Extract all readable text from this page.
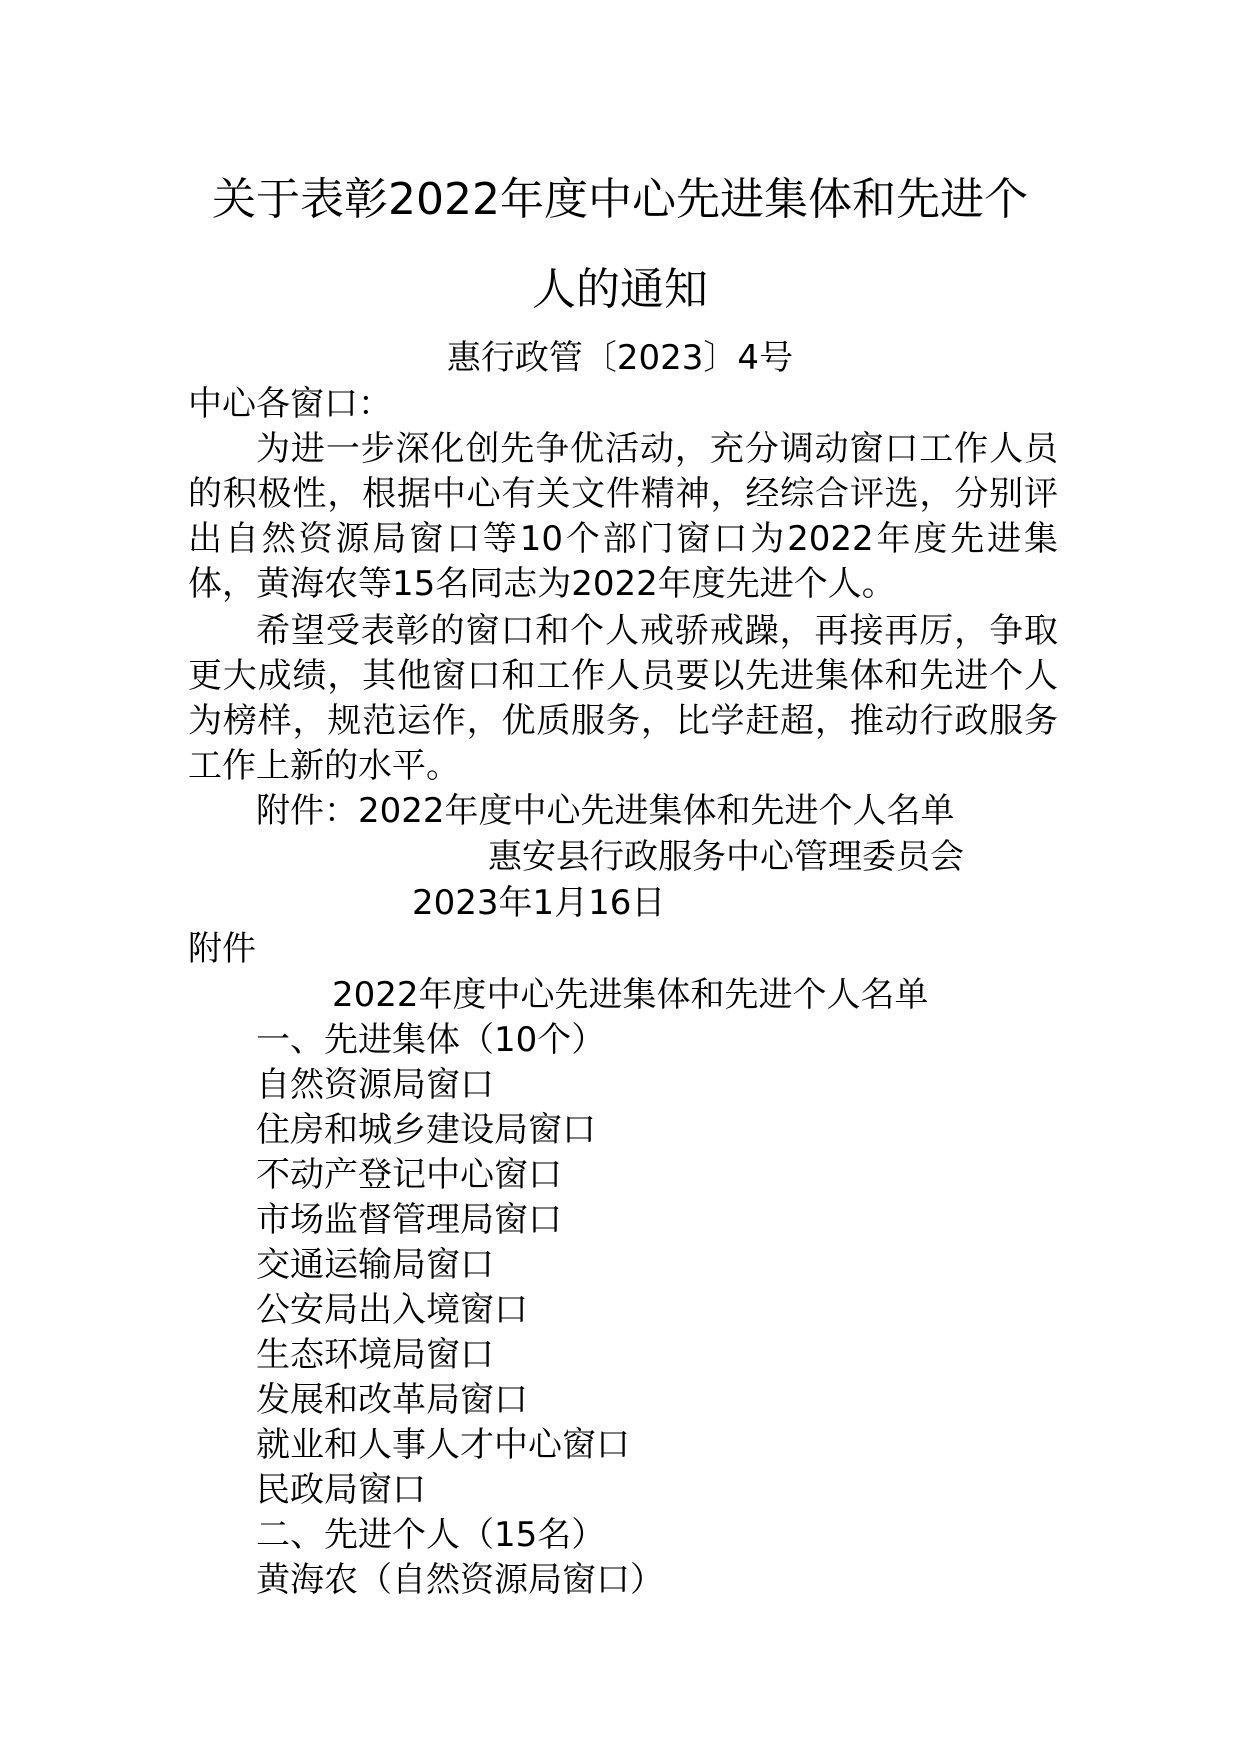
关于表彰2022年度中心先进集体和先进个
人的通知
惠行政管〔2023〕4号
中心各窗口：

为进一步深化创先争优活动，充分调动窗口工作人员的积极性，根据中心有关文件精神，经综合评选，分别评出自然资源局窗口等10个部门窗口为2022年度先进集体，黄海农等15名同志为2022年度先进个人。

希望受表彰的窗口和个人戒骄戒躁，再接再厉，争取更大成绩，其他窗口和工作人员要以先进集体和先进个人为榜样，规范运作，优质服务，比学赶超，推动行政服务工作上新的水平。

附件：2022年度中心先进集体和先进个人名单
惠安县行政服务中心管理委员会
2023年1月16日
附件
2022年度中心先进集体和先进个人名单
一、先进集体（10个）
自然资源局窗口
住房和城乡建设局窗口
不动产登记中心窗口
市场监督管理局窗口
交通运输局窗口
公安局出入境窗口
生态环境局窗口
发展和改革局窗口
就业和人事人才中心窗口
民政局窗口
二、先进个人（15名）
黄海农（自然资源局窗口）
